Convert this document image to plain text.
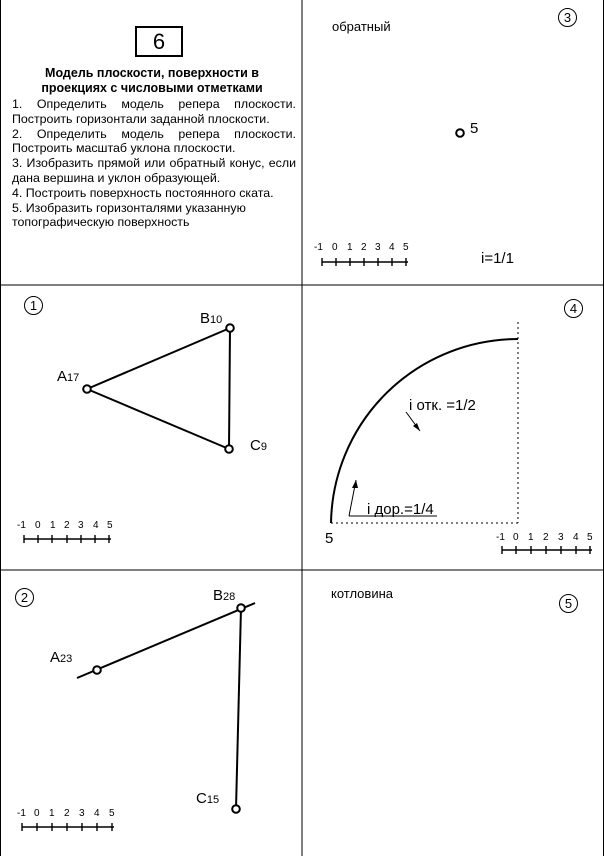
6
Модель плоскости, поверхности в проекциях с числовыми отметками
1. Определить модель репера плоскости. Построить горизонтали заданной плоскости.
2. Определить модель репера плоскости. Построить масштаб уклона плоскости.
3. Изобразить прямой или обратный конус, если дана вершина и уклон образующей.
4. Построить поверхность постоянного ската.
5. Изобразить горизонталями указанную топографическую поверхность
обратный
3
5
i=1/1
-1 0 1 2 3 4 5
1
B10
A17
C9
-1 0 1 2 3 4 5
4
i отк. =1/2
i дор.=1/4
5	-1 0 1 2 3 4 5
2	B28
A23
C15
-1 0 1 2 3 4 5
котловина
5
